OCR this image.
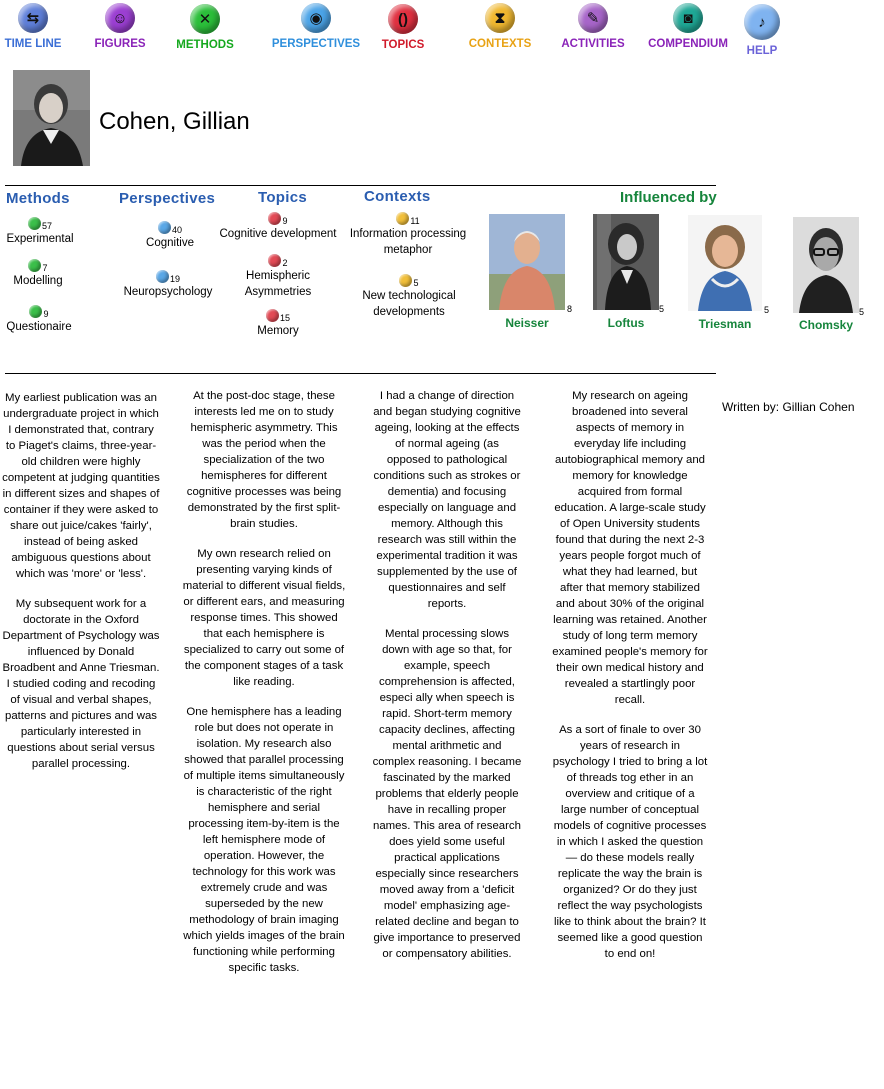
⇆
TIME LINE
☺
FIGURES
✕
METHODS
◉
PERSPECTIVES
()
TOPICS
⧗
CONTEXTS
✎
ACTIVITIES
◙
COMPENDIUM
♪
HELP
Cohen, Gillian
Methods
57
Experimental
7
Modelling
9
Questionaire
Perspectives
40
Cognitive
19
Neuropsychology
Topics
9
Cognitive development
2
Hemispheric Asymmetries
15
Memory
Contexts
11
Information processing metaphor
5
New technological developments
Influenced by
8
Neisser
5
Loftus
5
Triesman
5
Chomsky

My earliest publication was an undergraduate project in which I demonstrated that, contrary to Piaget's claims, three-year-old children were highly competent at judging quantities in different sizes and shapes of container if they were asked to share out juice/cakes 'fairly', instead of being asked ambiguous questions about which was 'more' or 'less'.

My subsequent work for a doctorate in the Oxford Department of Psychology was influenced by Donald Broadbent and Anne Triesman. I studied coding and recoding of visual and verbal shapes, patterns and pictures and was particularly interested in questions about serial versus parallel processing.

At the post-doc stage, these interests led me on to study hemispheric asymmetry. This was the period when the specialization of the two hemispheres for different cognitive processes was being demonstrated by the first split-brain studies.

My own research relied on presenting varying kinds of material to different visual fields, or different ears, and measuring response times. This showed that each hemisphere is specialized to carry out some of the component stages of a task like reading.

One hemisphere has a leading role but does not operate in isolation. My research also showed that parallel processing of multiple items simultaneously is characteristic of the right hemisphere and serial processing item-by-item is the left hemisphere mode of operation. However, the technology for this work was extremely crude and was superseded by the new methodology of brain imaging which yields images of the brain functioning while performing specific tasks.

I had a change of direction and began studying cognitive ageing, looking at the effects of normal ageing (as opposed to pathological conditions such as strokes or dementia) and focusing especially on language and memory. Although this research was still within the experimental tradition it was supplemented by the use of questionnaires and self reports.

Mental processing slows down with age so that, for example, speech comprehension is affected, especi ally when speech is rapid. Short-term memory capacity declines, affecting mental arithmetic and complex reasoning. I became fascinated by the marked problems that elderly people have in recalling proper names. This area of research does yield some useful practical applications especially since researchers moved away from a 'deficit model' emphasizing age-related decline and began to give importance to preserved or compensatory abilities.

My research on ageing broadened into several aspects of memory in everyday life including autobiographical memory and memory for knowledge acquired from formal education. A large-scale study of Open University students found that during the next 2-3 years people forgot much of what they had learned, but after that memory stabilized and about 30% of the original learning was retained. Another study of long term memory examined people's memory for their own medical history and revealed a startlingly poor recall.

As a sort of finale to over 30 years of research in psychology I tried to bring a lot of threads tog ether in an overview and critique of a large number of conceptual models of cognitive processes in which I asked the question — do these models really replicate the way the brain is organized? Or do they just reflect the way psychologists like to think about the brain? It seemed like a good question to end on!

Written by: Gillian Cohen
